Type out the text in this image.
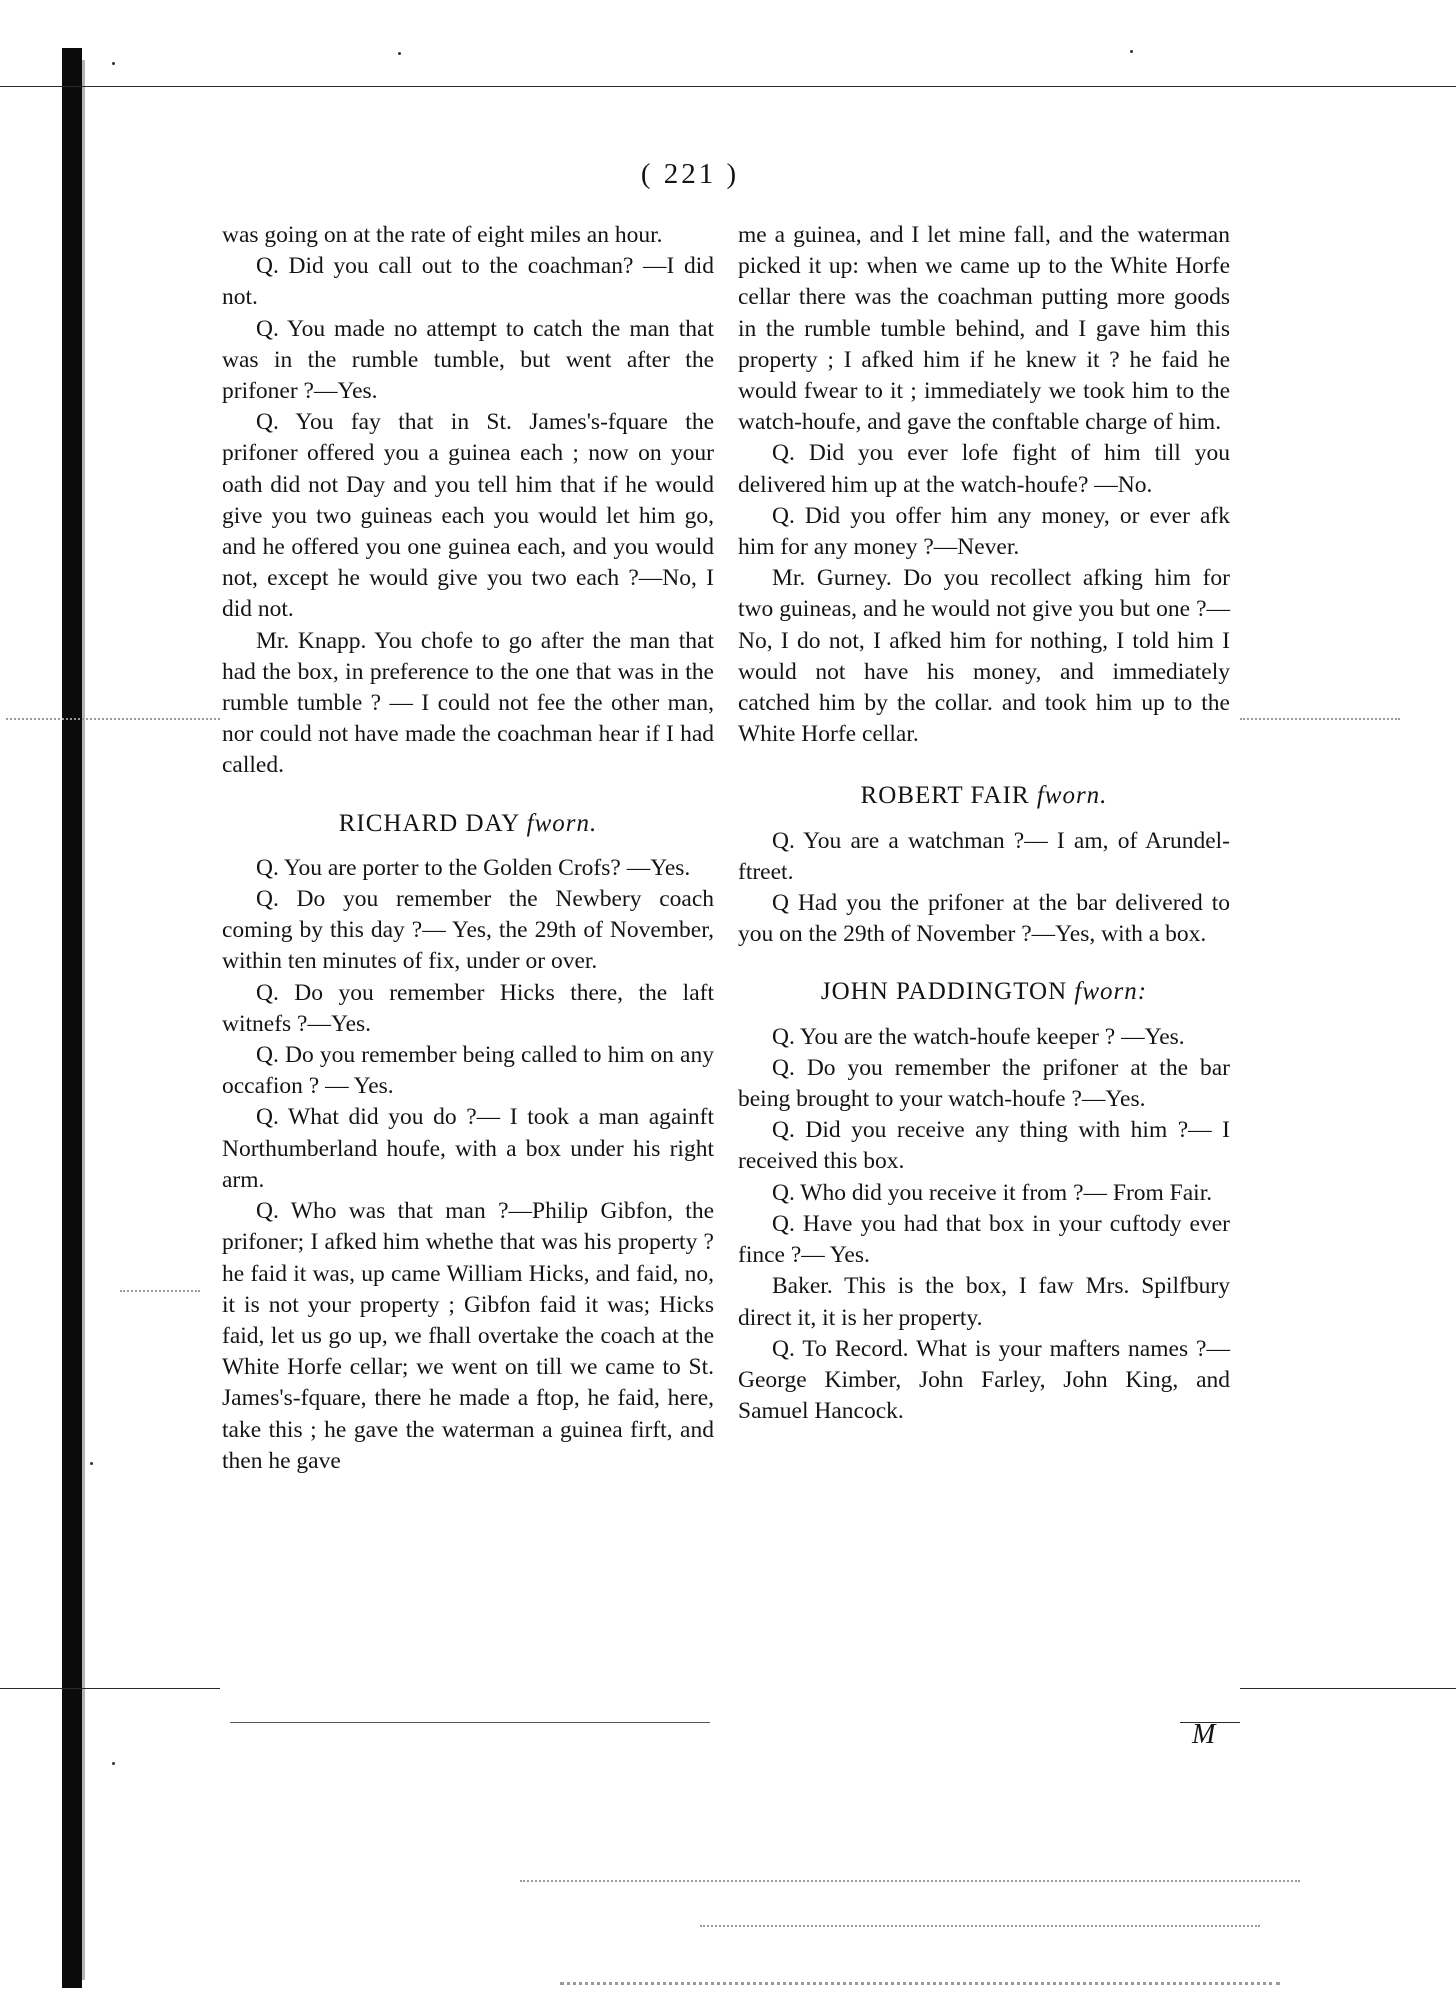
( 221 )

was going on at the rate of eight miles an hour.

Q. Did you call out to the coachman? —I did not.

Q. You made no attempt to catch the man that was in the rumble tumble, but went after the prifoner ?—Yes.

Q. You fay that in St. James's-fquare the prifoner offered you a guinea each ; now on your oath did not Day and you tell him that if he would give you two guineas each you would let him go, and he offered you one guinea each, and you would not, except he would give you two each ?—No, I did not.

Mr. Knapp. You chofe to go after the man that had the box, in preference to the one that was in the rumble tumble ? — I could not fee the other man, nor could not have made the coachman hear if I had called.

RICHARD DAY fworn.

Q. You are porter to the Golden Crofs? —Yes.

Q. Do you remember the Newbery coach coming by this day ?— Yes, the 29th of November, within ten minutes of fix, under or over.

Q. Do you remember Hicks there, the laft witnefs ?—Yes.

Q. Do you remember being called to him on any occafion ? — Yes.

Q. What did you do ?— I took a man againft Northumberland houfe, with a box under his right arm.

Q. Who was that man ?—Philip Gibfon, the prifoner; I afked him whethe that was his property ? he faid it was, up came William Hicks, and faid, no, it is not your property ; Gibfon faid it was; Hicks faid, let us go up, we fhall overtake the coach at the White Horfe cellar; we went on till we came to St. James's-fquare, there he made a ftop, he faid, here, take this ; he gave the waterman a guinea firft, and then he gave

me a guinea, and I let mine fall, and the waterman picked it up: when we came up to the White Horfe cellar there was the coachman putting more goods in the rumble tumble behind, and I gave him this property ; I afked him if he knew it ? he faid he would fwear to it ; immediately we took him to the watch-houfe, and gave the conftable charge of him.

Q. Did you ever lofe fight of him till you delivered him up at the watch-houfe? —No.

Q. Did you offer him any money, or ever afk him for any money ?—Never.

Mr. Gurney. Do you recollect afking him for two guineas, and he would not give you but one ?—No, I do not, I afked him for nothing, I told him I would not have his money, and immediately catched him by the collar. and took him up to the White Horfe cellar.

ROBERT FAIR fworn.

Q. You are a watchman ?— I am, of Arundel-ftreet.

Q Had you the prifoner at the bar delivered to you on the 29th of November ?—Yes, with a box.

JOHN PADDINGTON fworn:

Q. You are the watch-houfe keeper ? —Yes.

Q. Do you remember the prifoner at the bar being brought to your watch-houfe ?—Yes.

Q. Did you receive any thing with him ?— I received this box.

Q. Who did you receive it from ?— From Fair.

Q. Have you had that box in your cuftody ever fince ?— Yes.

Baker. This is the box, I faw Mrs. Spilfbury direct it, it is her property.

Q. To Record. What is your mafters names ?— George Kimber, John Farley, John King, and Samuel Hancock.

M
